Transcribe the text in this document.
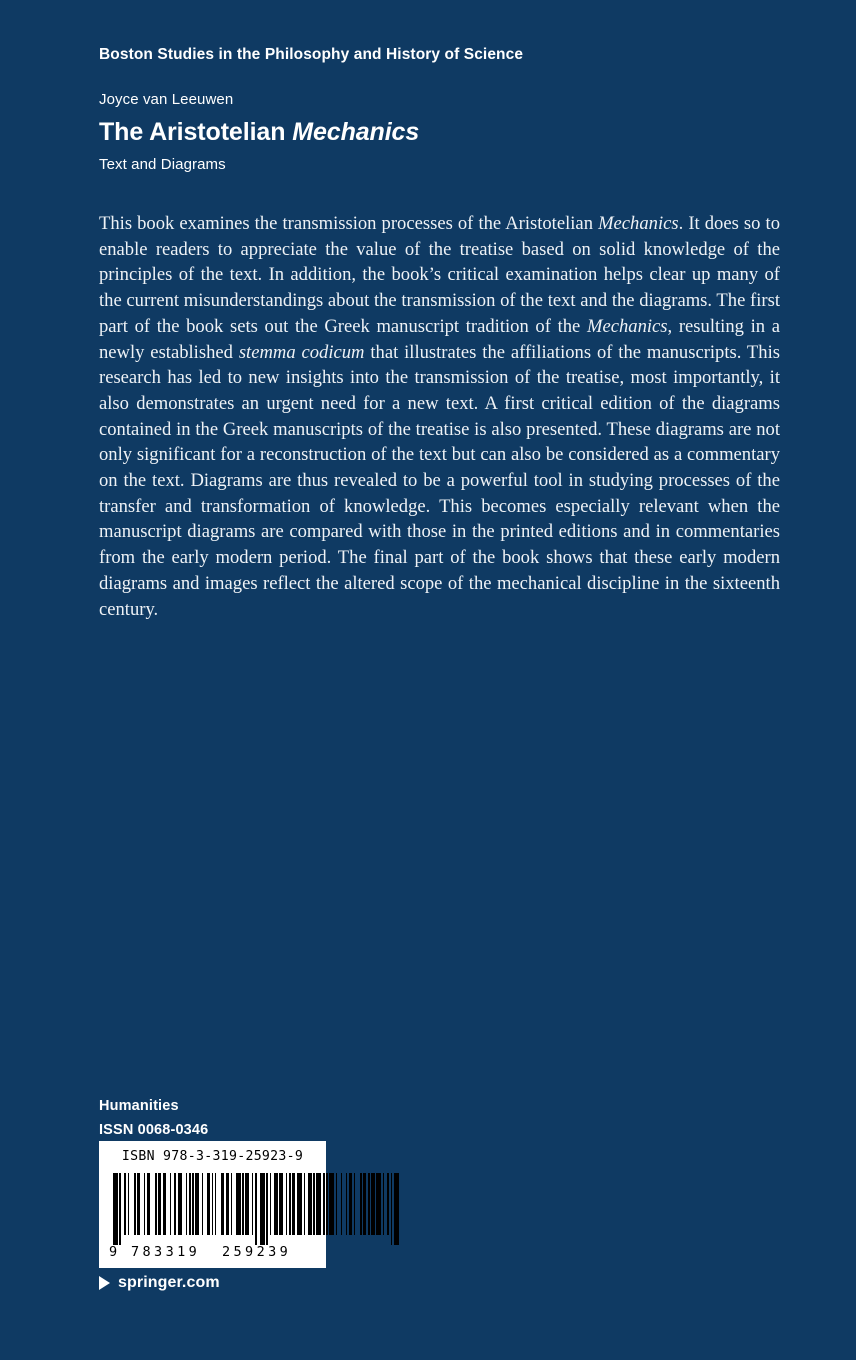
Boston Studies in the Philosophy and History of Science
Joyce van Leeuwen
The Aristotelian Mechanics
Text and Diagrams
This book examines the transmission processes of the Aristotelian Mechanics. It does so to enable readers to appreciate the value of the treatise based on solid knowledge of the principles of the text. In addition, the book’s critical examination helps clear up many of the current misunderstandings about the transmission of the text and the diagrams. The first part of the book sets out the Greek manuscript tradition of the Mechanics, resulting in a newly established stemma codicum that illustrates the affiliations of the manuscripts. This research has led to new insights into the transmission of the treatise, most importantly, it also demonstrates an urgent need for a new text. A first critical edition of the diagrams contained in the Greek manuscripts of the treatise is also presented. These diagrams are not only significant for a reconstruction of the text but can also be considered as a commentary on the text. Diagrams are thus revealed to be a powerful tool in studying processes of the transfer and transformation of knowledge. This becomes especially relevant when the manuscript diagrams are compared with those in the printed editions and in commentaries from the early modern period. The final part of the book shows that these early modern diagrams and images reflect the altered scope of the mechanical discipline in the sixteenth century.
Humanities
ISSN 0068-0346
ISBN 978-3-319-25923-9
9 783319 259239
springer.com
